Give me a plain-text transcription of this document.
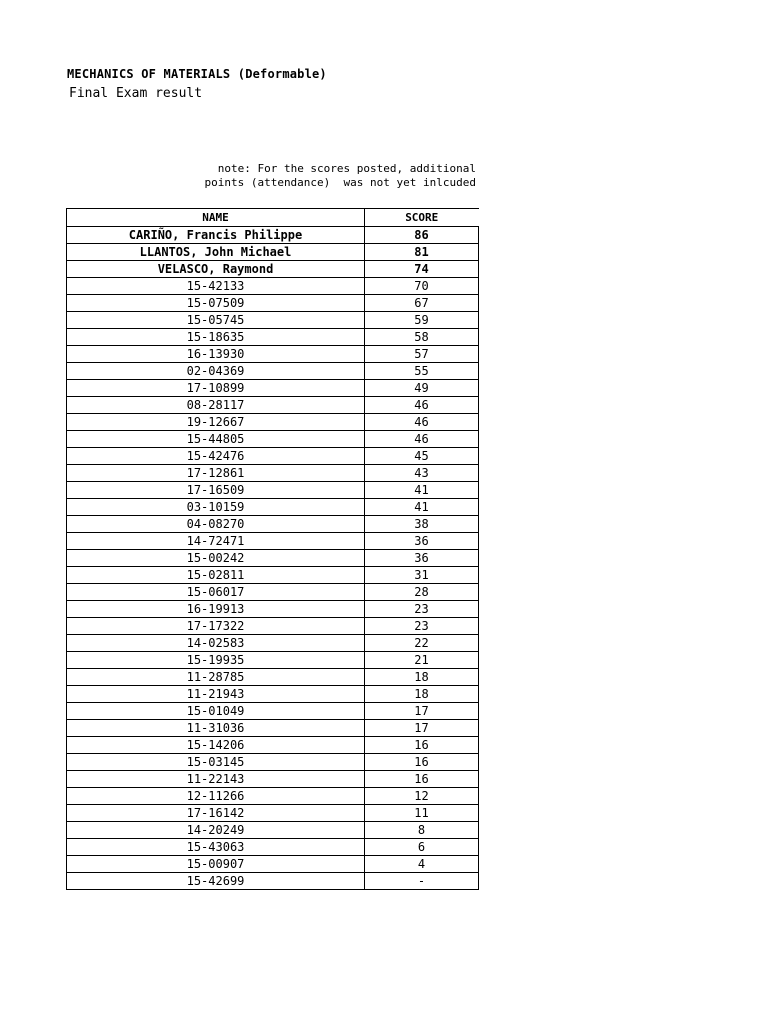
MECHANICS OF MATERIALS (Deformable)
Final Exam result
note: For the scores posted, additional
points (attendance)  was not yet inlcuded
NAME	SCORE
CARIÑO, Francis Philippe	86
LLANTOS, John Michael	81
VELASCO, Raymond	74
15-42133	70
15-07509	67
15-05745	59
15-18635	58
16-13930	57
02-04369	55
17-10899	49
08-28117	46
19-12667	46
15-44805	46
15-42476	45
17-12861	43
17-16509	41
03-10159	41
04-08270	38
14-72471	36
15-00242	36
15-02811	31
15-06017	28
16-19913	23
17-17322	23
14-02583	22
15-19935	21
11-28785	18
11-21943	18
15-01049	17
11-31036	17
15-14206	16
15-03145	16
11-22143	16
12-11266	12
17-16142	11
14-20249	8
15-43063	6
15-00907	4
15-42699	-
